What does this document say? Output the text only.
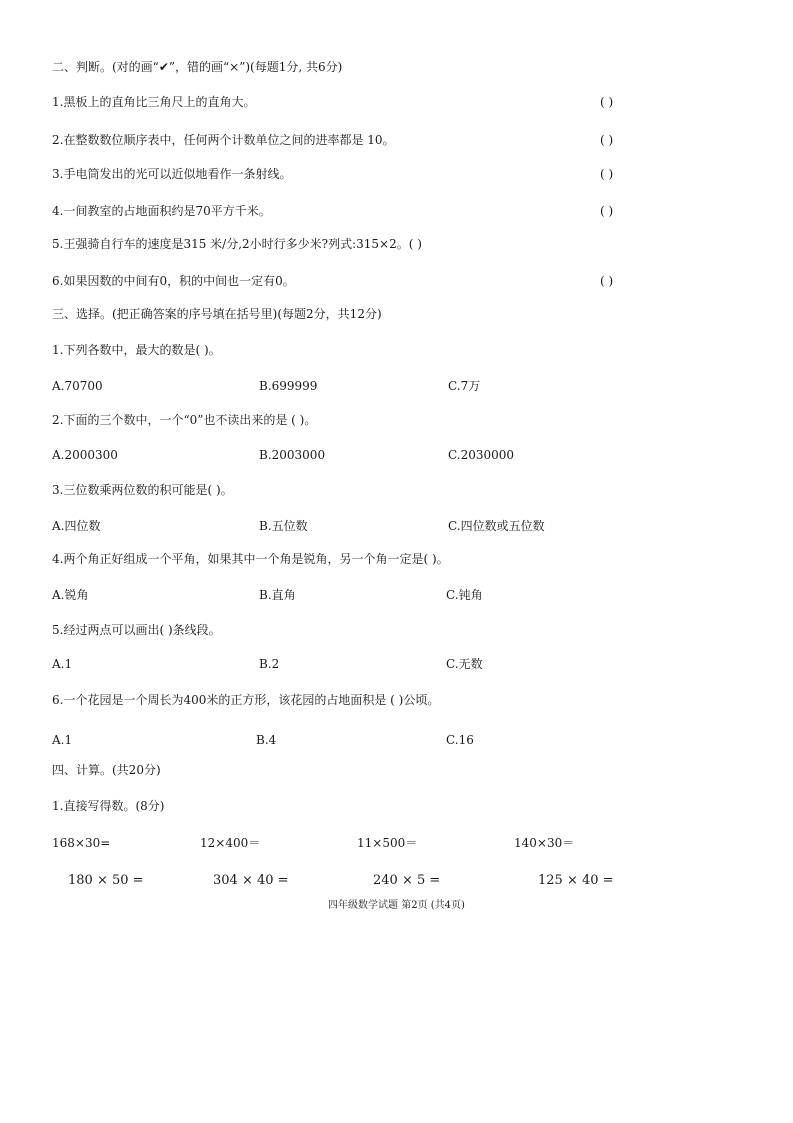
二、判断。(对的画“✔”，错的画“×”)(每题1分, 共6分)
1.黑板上的直角比三角尺上的直角大。	( )
2.在整数数位顺序表中，任何两个计数单位之间的进率都是 10。	( )
3.手电筒发出的光可以近似地看作一条射线。	( )
4.一间教室的占地面积约是70平方千米。	( )
5.王强骑自行车的速度是315 米/分,2小时行多少米?列式:315×2。( )
6.如果因数的中间有0，积的中间也一定有0。	( )
三、选择。(把正确答案的序号填在括号里)(每题2分，共12分)
1.下列各数中，最大的数是( )。
A.70700	B.699999	C.7万
2.下面的三个数中，一个“0”也不读出来的是 ( )。
A.2000300	B.2003000	C.2030000
3.三位数乘两位数的积可能是( )。
A.四位数	B.五位数	C.四位数或五位数
4.两个角正好组成一个平角，如果其中一个角是锐角，另一个角一定是( )。
A.锐角	B.直角	C.钝角
5.经过两点可以画出( )条线段。
A.1	B.2	C.无数
6.一个花园是一个周长为400米的正方形，该花园的占地面积是 ( )公顷。
A.1	B.4	C.16
四、计算。(共20分)
1.直接写得数。(8分)
168×30=	12×400＝	11×500＝	140×30＝
180 × 50 =	304 × 40 =	240 × 5 =	125 × 40 =
四年级数学试题 第2页 (共4页)
